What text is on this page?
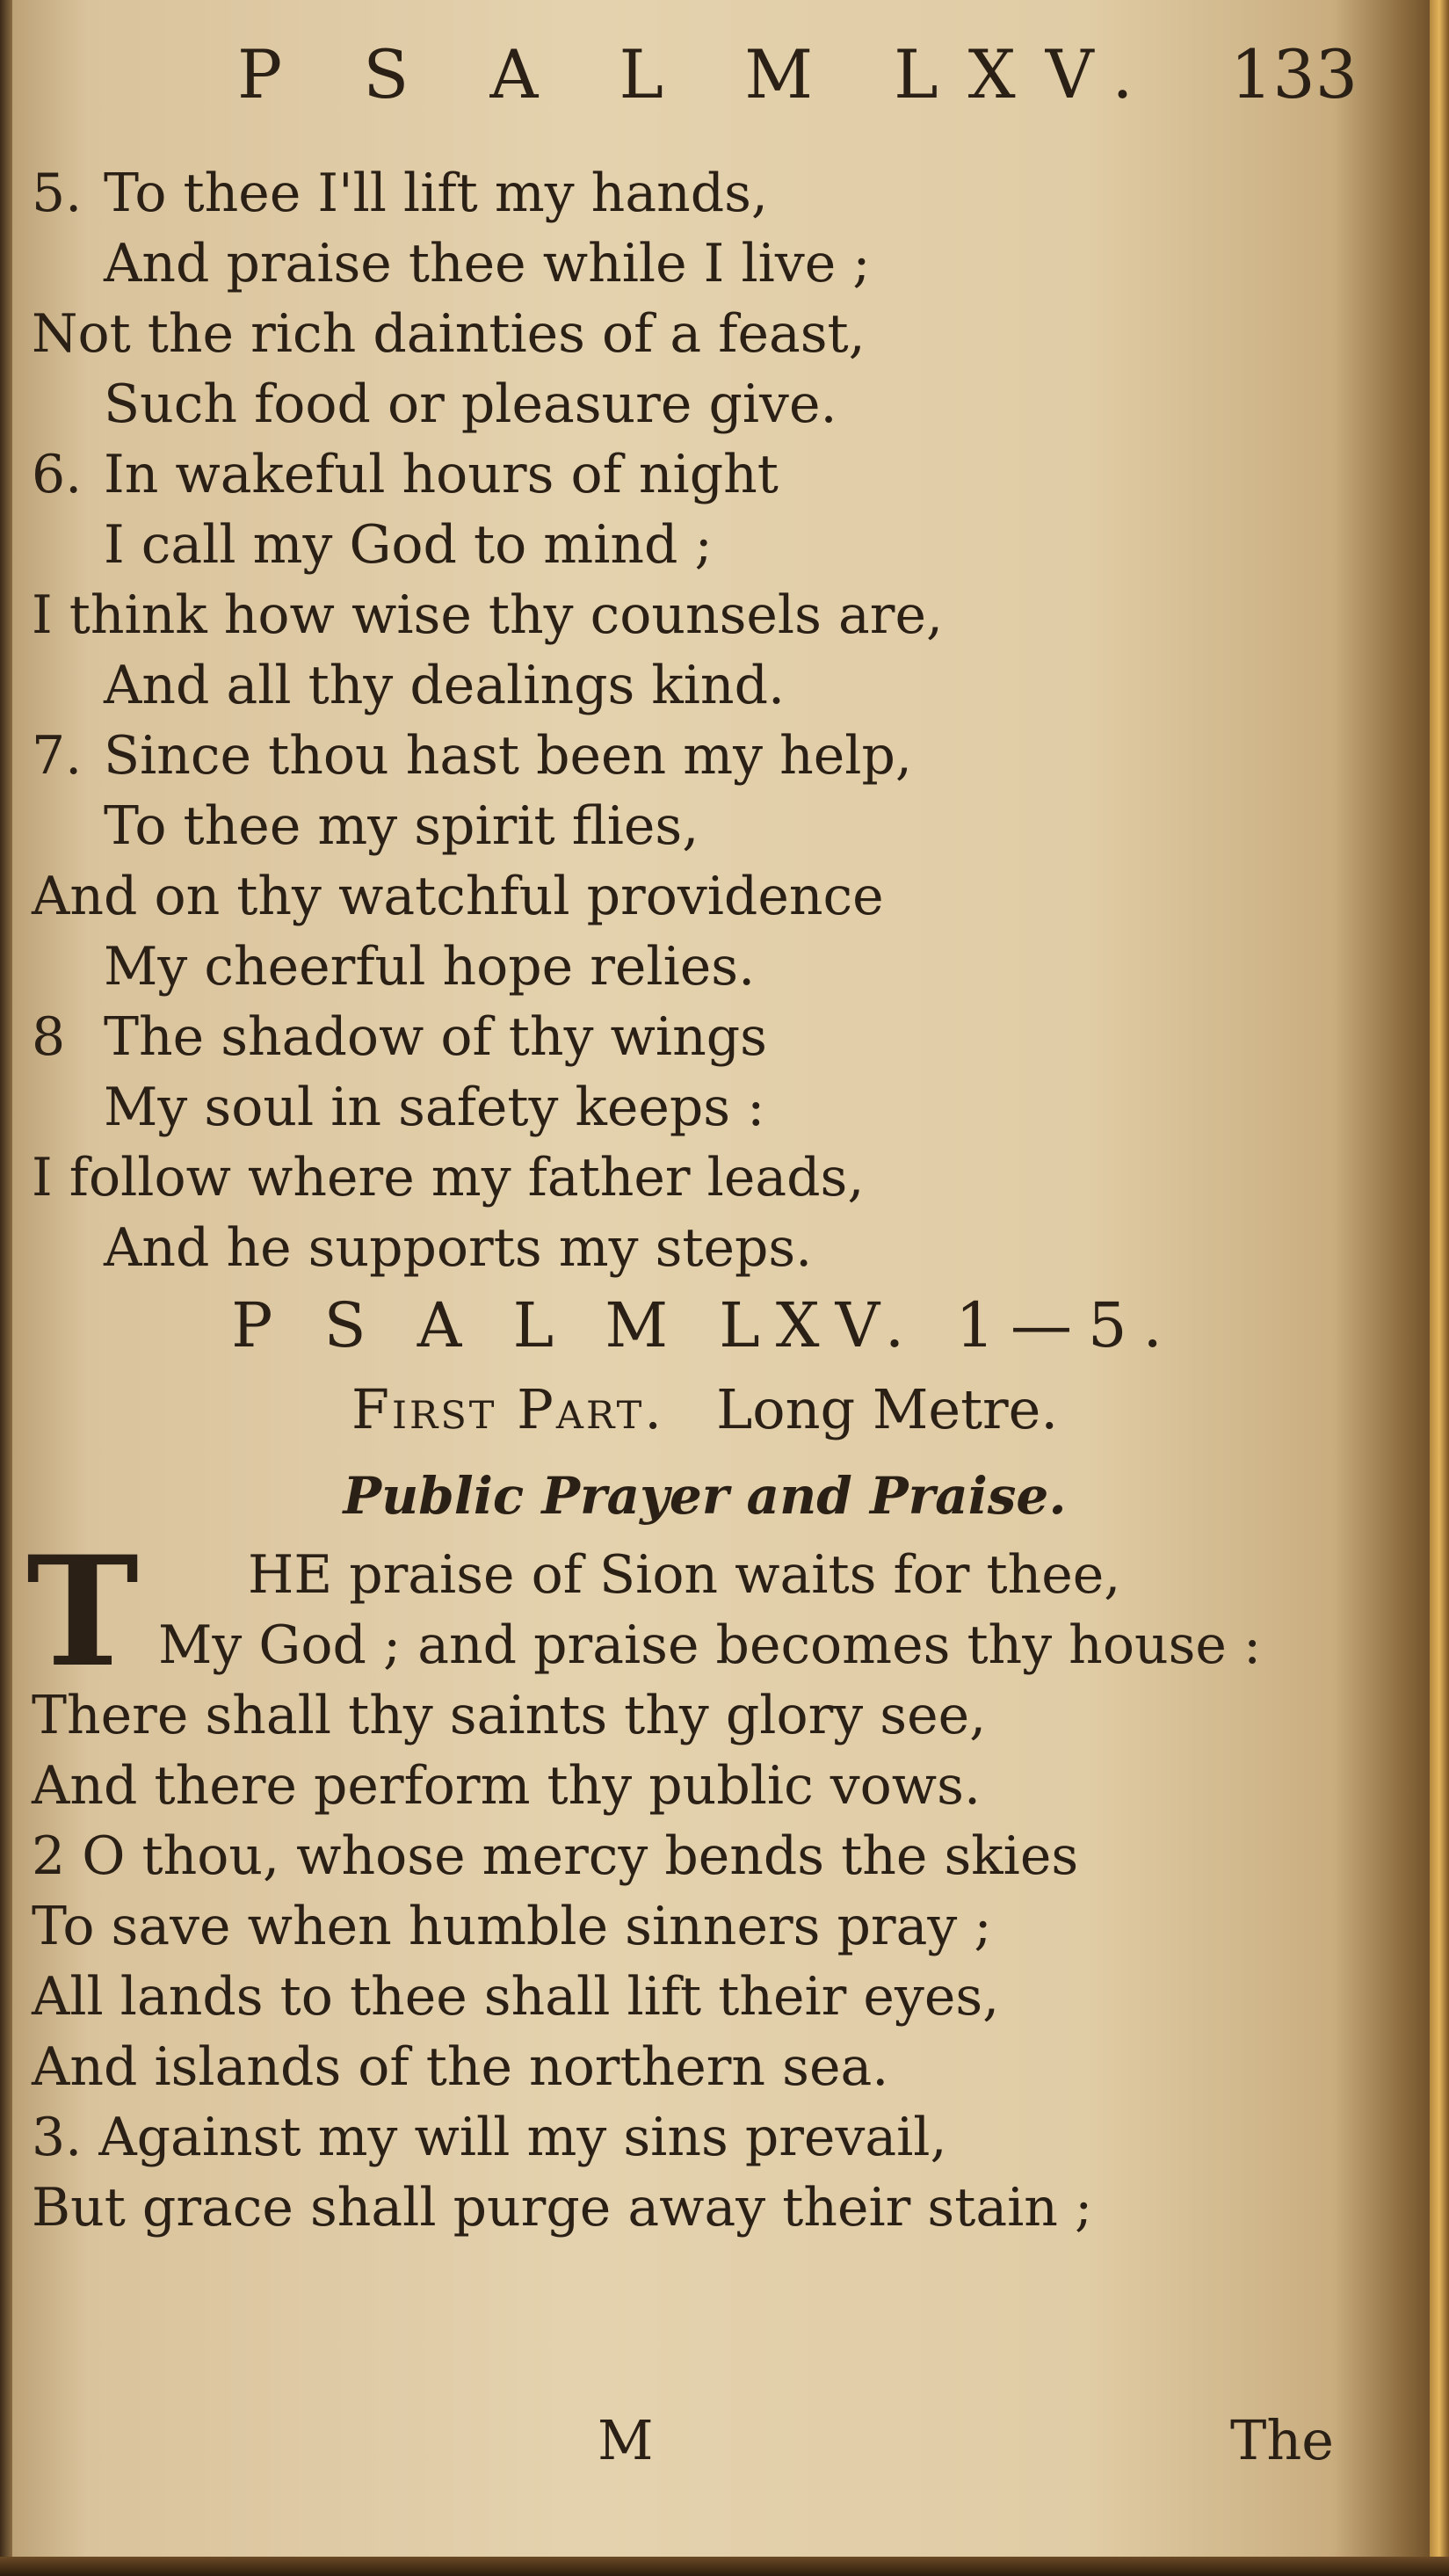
P S A L M LXV. 133
5. To thee I'll lift my hands,
And praise thee while I live ;
Not the rich dainties of a feast,
Such food or pleasure give.
6. In wakeful hours of night
I call my God to mind ;
I think how wise thy counsels are,
And all thy dealings kind.
7. Since thou hast been my help,
To thee my spirit flies,
And on thy watchful providence
My cheerful hope relies.
8 The shadow of thy wings
My soul in safety keeps :
I follow where my father leads,
And he supports my steps.
P S A L M LXV. 1—5.
First Part. Long Metre.
Public Prayer and Praise.
T	HE praise of Sion waits for thee,
My God ; and praise becomes thy house :
There shall thy saints thy glory see,
And there perform thy public vows.
2 O thou, whose mercy bends the skies
To save when humble sinners pray ;
All lands to thee shall lift their eyes,
And islands of the northern sea.
3. Against my will my sins prevail,
But grace shall purge away their stain ;
M	The
